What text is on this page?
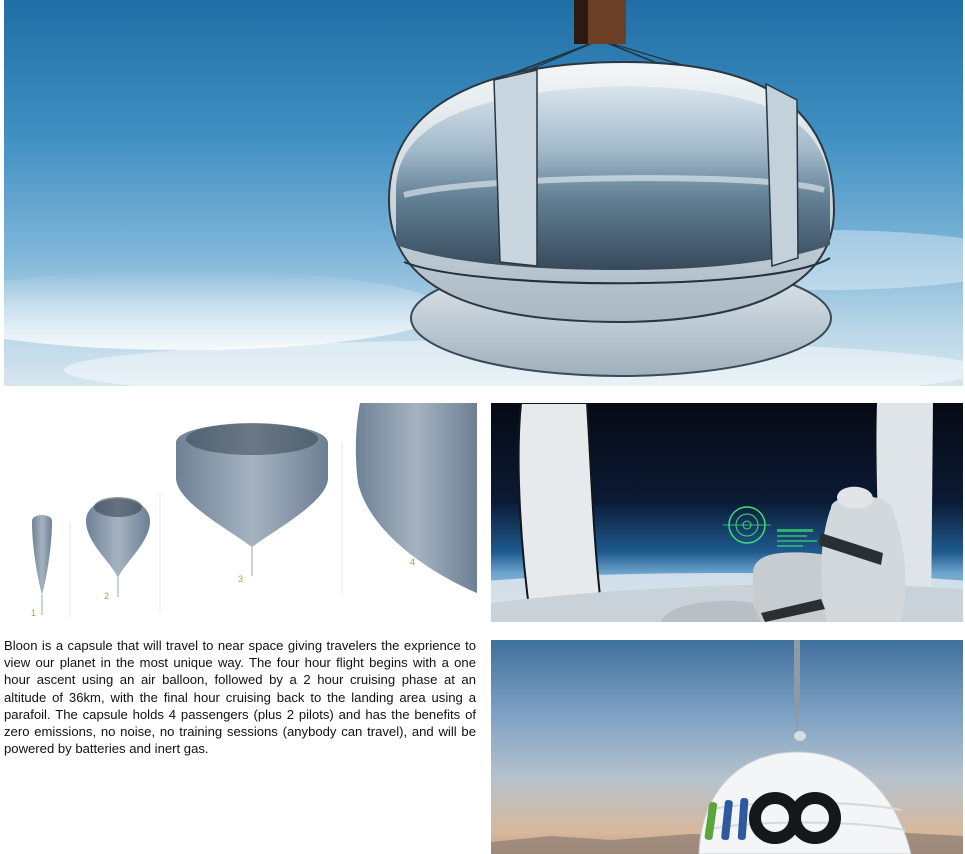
1
2
3
4

Bloon is a capsule that will travel to near space giving travelers the exprience to view our planet in the most unique way. The four hour flight begins with a one hour ascent using an air balloon, followed by a 2 hour cruising phase at an altitude of 36km, with the final hour cruising back to the landing area using a parafoil. The capsule holds 4 passengers (plus 2 pilots) and has the benefits of zero emissions, no noise, no training sessions (anybody can travel), and will be powered by batteries and inert gas.
